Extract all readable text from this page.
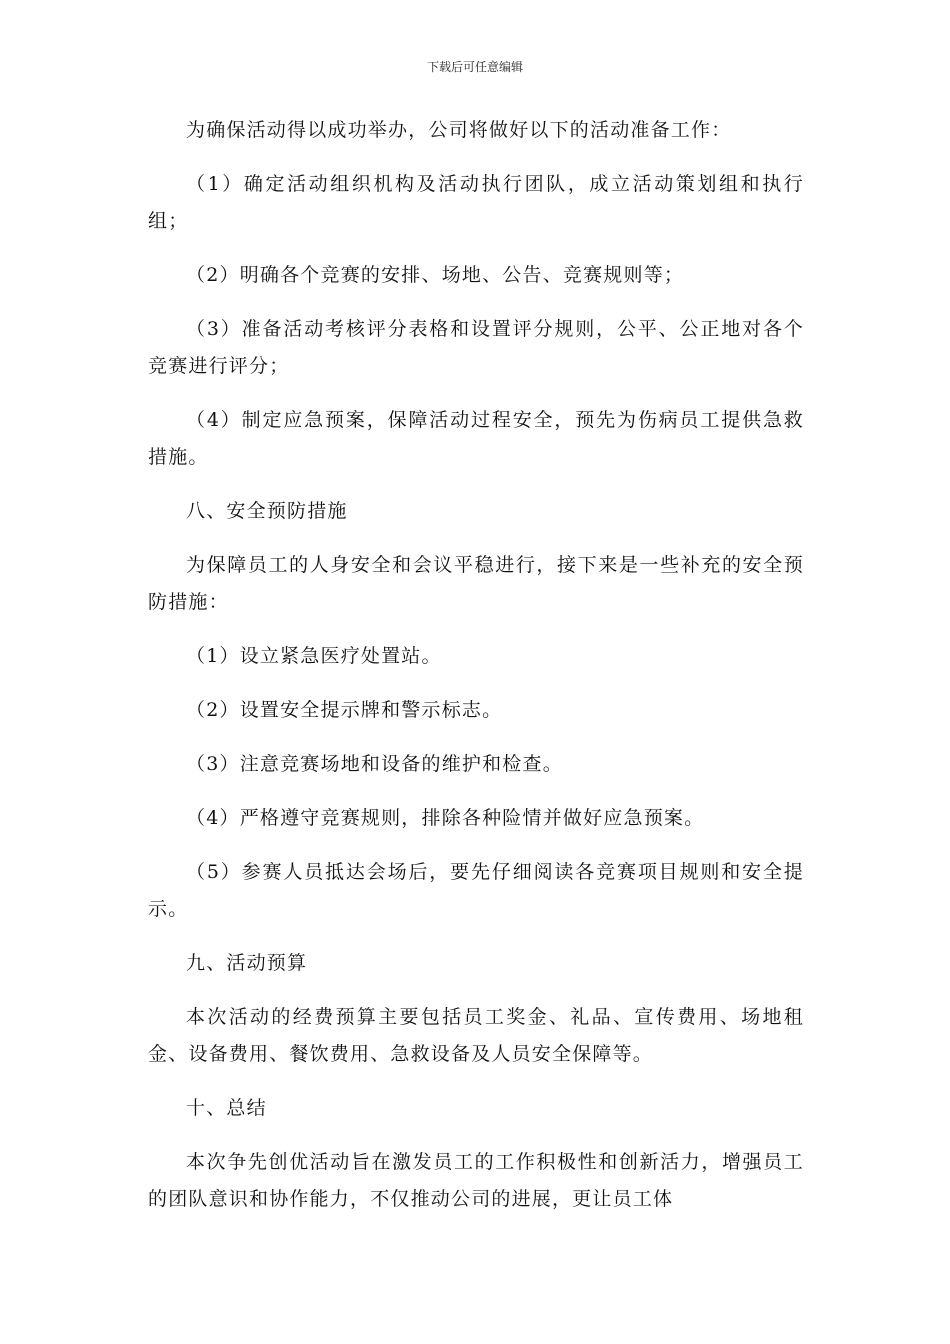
下载后可任意编辑

为确保活动得以成功举办，公司将做好以下的活动准备工作：

（1）确定活动组织机构及活动执行团队，成立活动策划组和执行组；

（2）明确各个竞赛的安排、场地、公告、竞赛规则等；

（3）准备活动考核评分表格和设置评分规则，公平、公正地对各个竞赛进行评分；

（4）制定应急预案，保障活动过程安全，预先为伤病员工提供急救措施。

八、安全预防措施

为保障员工的人身安全和会议平稳进行，接下来是一些补充的安全预防措施：

（1）设立紧急医疗处置站。

（2）设置安全提示牌和警示标志。

（3）注意竞赛场地和设备的维护和检查。

（4）严格遵守竞赛规则，排除各种险情并做好应急预案。

（5）参赛人员抵达会场后，要先仔细阅读各竞赛项目规则和安全提示。

九、活动预算

本次活动的经费预算主要包括员工奖金、礼品、宣传费用、场地租金、设备费用、餐饮费用、急救设备及人员安全保障等。

十、总结

本次争先创优活动旨在激发员工的工作积极性和创新活力，增强员工的团队意识和协作能力，不仅推动公司的进展，更让员工体
